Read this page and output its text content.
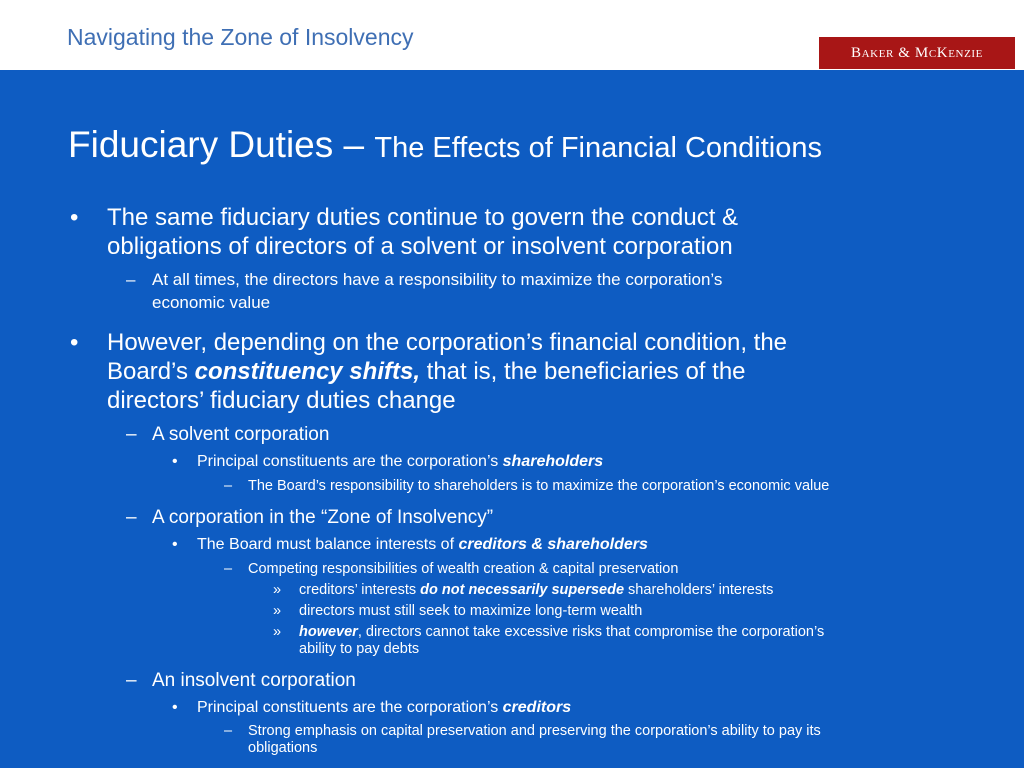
Navigating the Zone of Insolvency
Baker & McKenzie
Fiduciary Duties – The Effects of Financial Conditions
• The same fiduciary duties continue to govern the conduct &
obligations of directors of a solvent or insolvent corporation
– At all times, the directors have a responsibility to maximize the corporation’s
economic value
• However, depending on the corporation’s financial condition, the
Board’s constituency shifts, that is, the beneficiaries of the
directors’ fiduciary duties change
– A solvent corporation
• Principal constituents are the corporation’s shareholders
– The Board’s responsibility to shareholders is to maximize the corporation’s economic value
– A corporation in the “Zone of Insolvency”
• The Board must balance interests of creditors & shareholders
– Competing responsibilities of wealth creation & capital preservation
» creditors’ interests do not necessarily supersede shareholders’ interests
» directors must still seek to maximize long-term wealth
» however, directors cannot take excessive risks that compromise the corporation’s
ability to pay debts
– An insolvent corporation
• Principal constituents are the corporation’s creditors
– Strong emphasis on capital preservation and preserving the corporation’s ability to pay its
obligations
